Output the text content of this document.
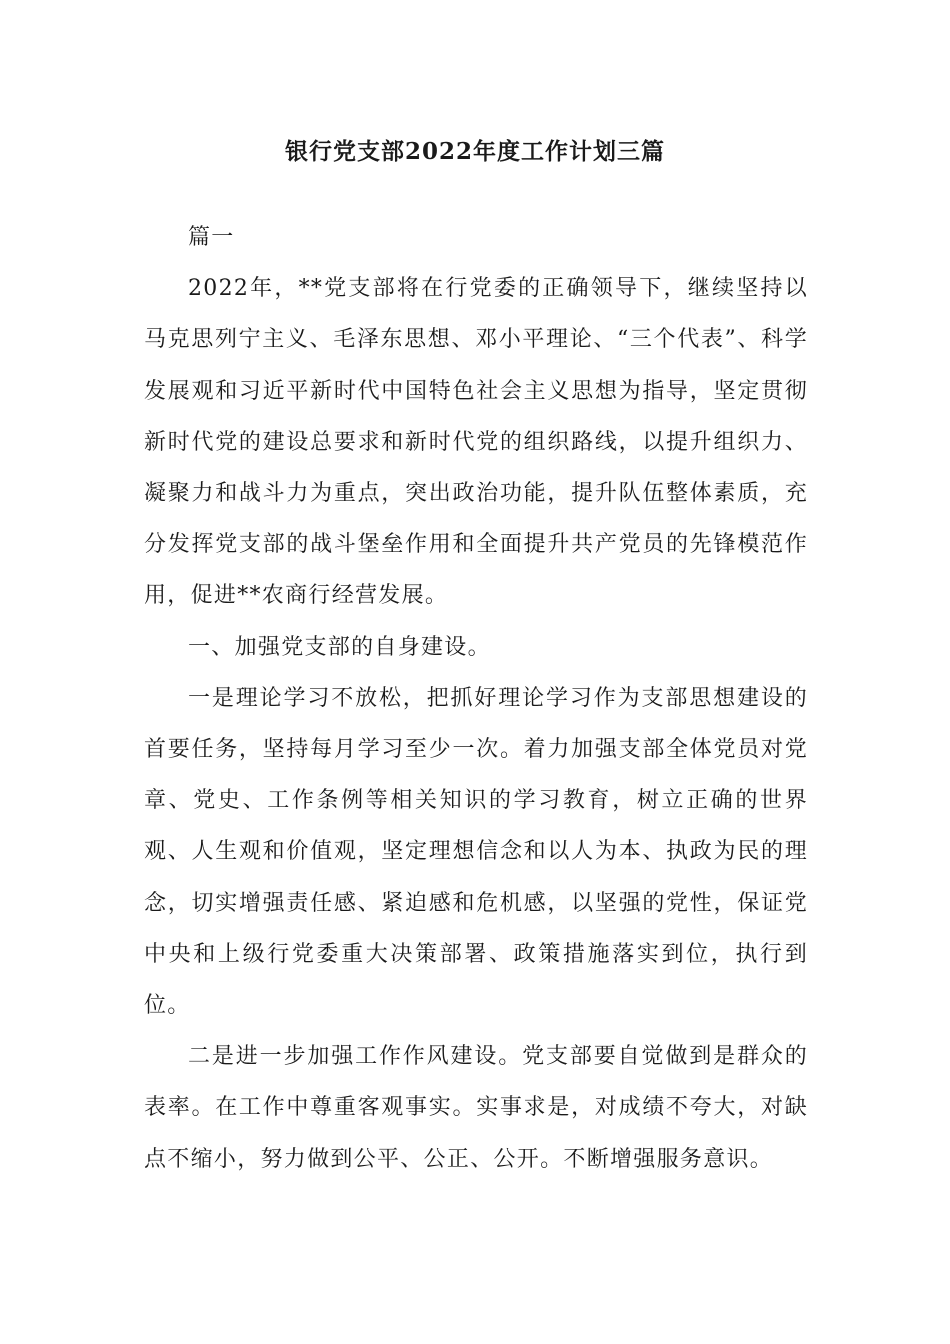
银行党支部2022年度工作计划三篇

篇一

2022年，**党支部将在行党委的正确领导下，继续坚持以马克思列宁主义、毛泽东思想、邓小平理论、“三个代表”、科学发展观和习近平新时代中国特色社会主义思想为指导，坚定贯彻新时代党的建设总要求和新时代党的组织路线，以提升组织力、凝聚力和战斗力为重点，突出政治功能，提升队伍整体素质，充分发挥党支部的战斗堡垒作用和全面提升共产党员的先锋模范作用，促进**农商行经营发展。

一、加强党支部的自身建设。

一是理论学习不放松，把抓好理论学习作为支部思想建设的首要任务，坚持每月学习至少一次。着力加强支部全体党员对党章、党史、工作条例等相关知识的学习教育，树立正确的世界观、人生观和价值观，坚定理想信念和以人为本、执政为民的理念，切实增强责任感、紧迫感和危机感，以坚强的党性，保证党中央和上级行党委重大决策部署、政策措施落实到位，执行到位。

二是进一步加强工作作风建设。党支部要自觉做到是群众的表率。在工作中尊重客观事实。实事求是，对成绩不夸大，对缺点不缩小，努力做到公平、公正、公开。不断增强服务意识。
